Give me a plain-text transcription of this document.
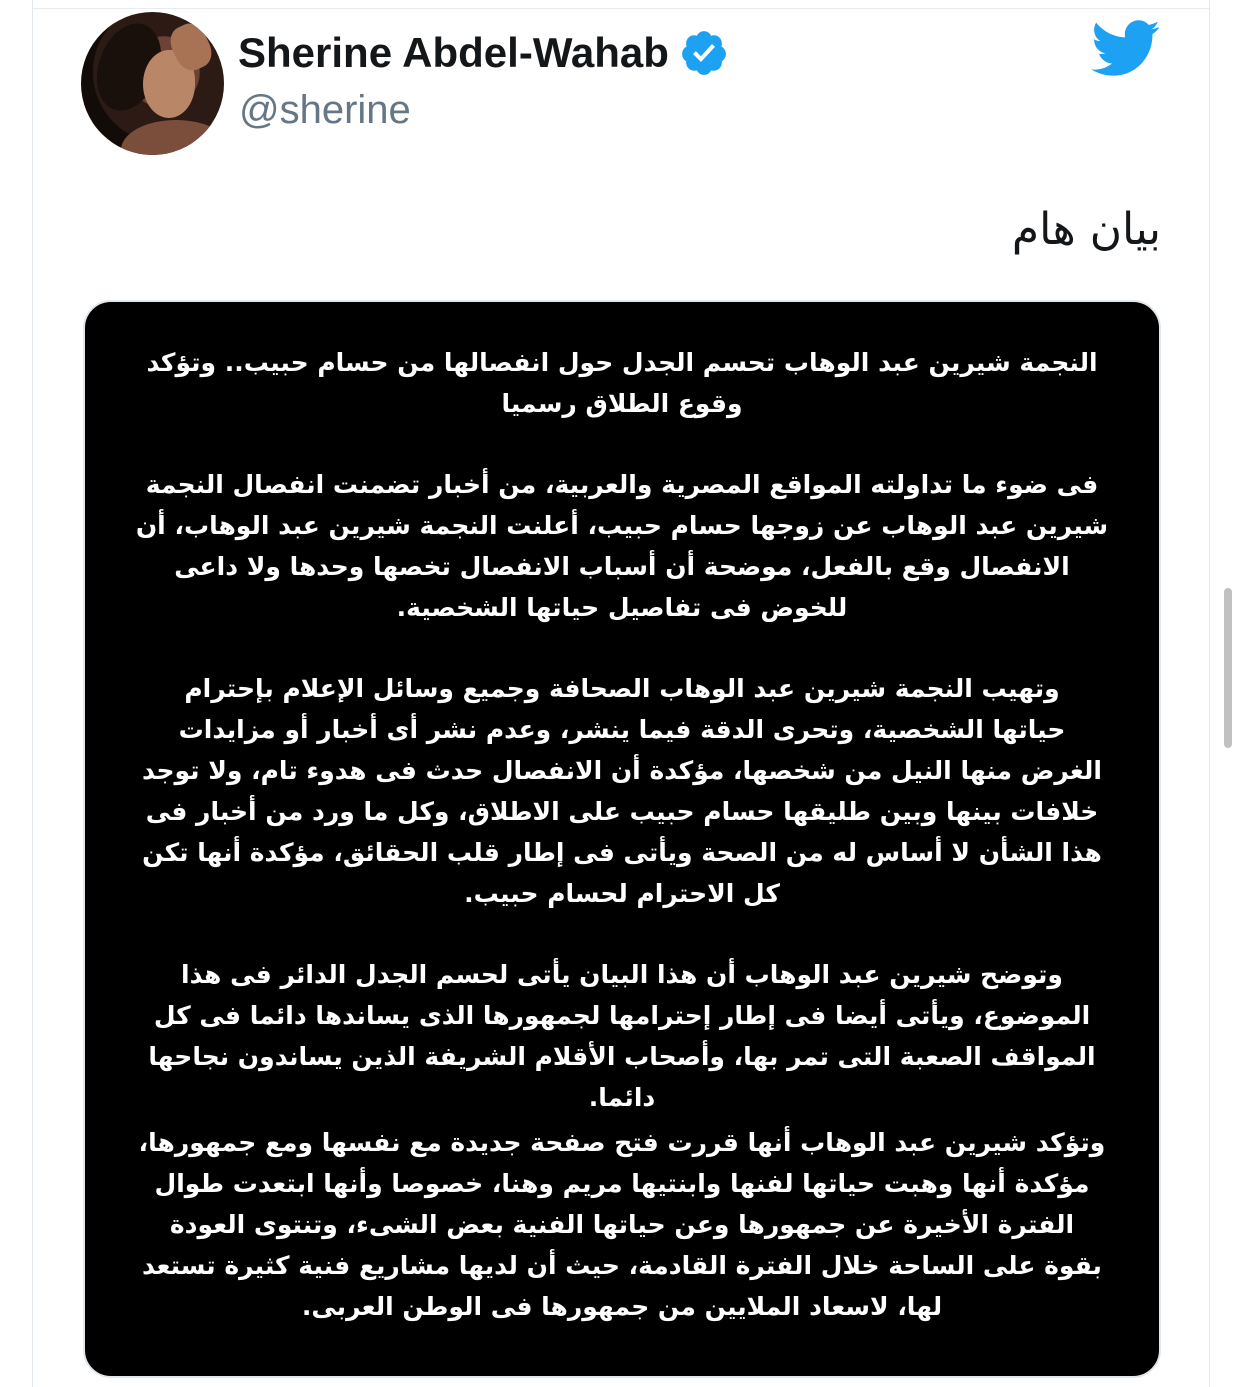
Sherine Abdel-Wahab
@sherine
بيان هام

النجمة شيرين عبد الوهاب تحسم الجدل حول انفصالها من حسام حبيب.. وتؤكد
وقوع الطلاق رسميا

فى ضوء ما تداولته المواقع المصرية والعربية، من أخبار تضمنت انفصال النجمة
شيرين عبد الوهاب عن زوجها حسام حبيب، أعلنت النجمة شيرين عبد الوهاب، أن
الانفصال وقع بالفعل، موضحة أن أسباب الانفصال تخصها وحدها ولا داعى
للخوض فى تفاصيل حياتها الشخصية.

وتهيب النجمة شيرين عبد الوهاب الصحافة وجميع وسائل الإعلام بإحترام
حياتها الشخصية، وتحرى الدقة فيما ينشر، وعدم نشر أى أخبار أو مزايدات
الغرض منها النيل من شخصها، مؤكدة أن الانفصال حدث فى هدوء تام، ولا توجد
خلافات بينها وبين طليقها حسام حبيب على الاطلاق، وكل ما ورد من أخبار فى
هذا الشأن لا أساس له من الصحة ويأتى فى إطار قلب الحقائق، مؤكدة أنها تكن
كل الاحترام لحسام حبيب.

وتوضح شيرين عبد الوهاب أن هذا البيان يأتى لحسم الجدل الدائر فى هذا
الموضوع، ويأتى أيضا فى إطار إحترامها لجمهورها الذى يساندها دائما فى كل
المواقف الصعبة التى تمر بها، وأصحاب الأقلام الشريفة الذين يساندون نجاحها
دائما.

وتؤكد شيرين عبد الوهاب أنها قررت فتح صفحة جديدة مع نفسها ومع جمهورها،
مؤكدة أنها وهبت حياتها لفنها وابنتيها مريم وهنا، خصوصا وأنها ابتعدت طوال
الفترة الأخيرة عن جمهورها وعن حياتها الفنية بعض الشىء، وتنتوى العودة
بقوة على الساحة خلال الفترة القادمة، حيث أن لديها مشاريع فنية كثيرة تستعد
لها، لاسعاد الملايين من جمهورها فى الوطن العربى.
